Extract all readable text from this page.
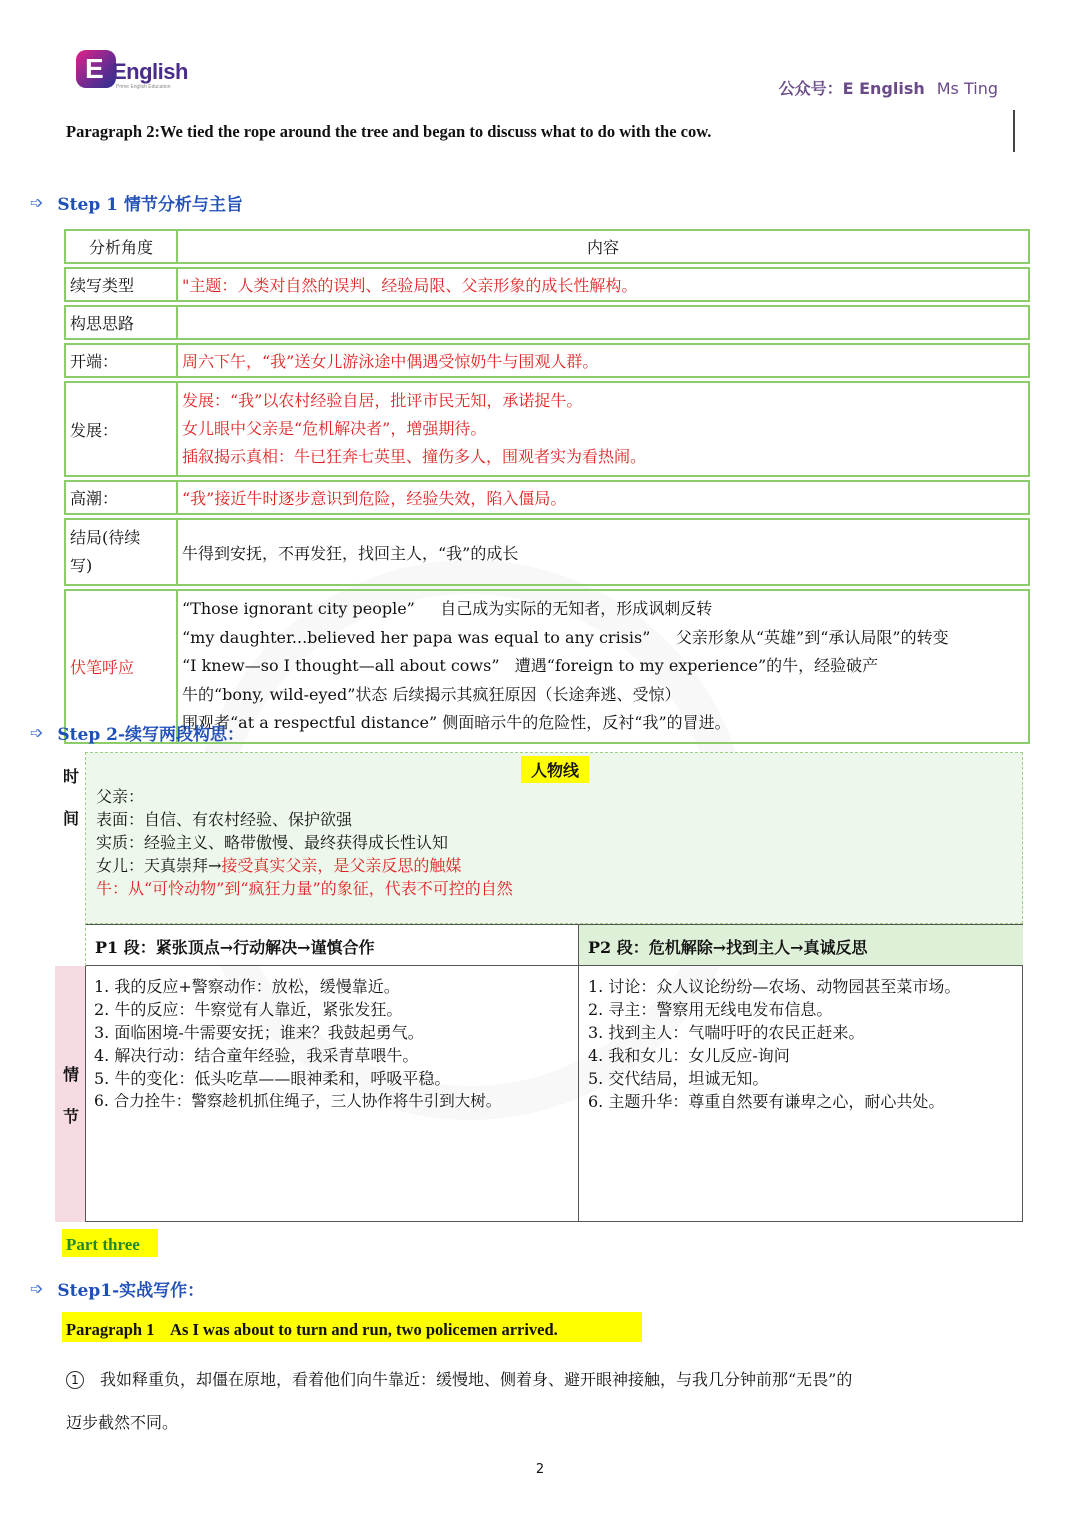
E English
Prime English Education	公众号：E English Ms Ting
Paragraph 2:We tied the rope around the tree and began to discuss what to do with the cow.
➩ Step 1 情节分析与主旨
分析角度	内容
续写类型	"主题：人类对自然的误判、经验局限、父亲形象的成长性解构。
构思思路	
开端：	周六下午，“我”送女儿游泳途中偶遇受惊奶牛与围观人群。
发展：	发展：“我”以农村经验自居，批评市民无知，承诺捉牛。
女儿眼中父亲是“危机解决者”，增强期待。
插叙揭示真相：牛已狂奔七英里、撞伤多人，围观者实为看热闹。

高潮：	“我”接近牛时逐步意识到危险，经验失效，陷入僵局。

结局(待续
写)	牛得到安抚，不再发狂，找回主人，“我”的成长
伏笔呼应	“Those ignorant city people”     自己成为实际的无知者，形成讽刺反转
“my daughter...believed her papa was equal to any crisis”     父亲形象从“英雄”到“承认局限”的转变
“I knew—so I thought—all about cows”   遭遇“foreign to my experience”的牛，经验破产
牛的“bony, wild-eyed”状态 后续揭示其疯狂原因（长途奔逃、受惊）
围观者“at a respectful distance” 侧面暗示牛的危险性，反衬“我”的冒进。
➩ Step 2-续写两段构思：
时
间
情
节
人物线
父亲：
表面：自信、有农村经验、保护欲强
实质：经验主义、略带傲慢、最终获得成长性认知
女儿：天真崇拜→接受真实父亲，是父亲反思的触媒
牛：从“可怜动物”到“疯狂力量”的象征，代表不可控的自然
P1 段：紧张顶点→行动解决→谨慎合作	P2 段：危机解除→找到主人→真诚反思
1. 我的反应+警察动作：放松，缓慢靠近。
2. 牛的反应：牛察觉有人靠近，紧张发狂。
3. 面临困境-牛需要安抚；谁来？我鼓起勇气。
4. 解决行动：结合童年经验，我采青草喂牛。
5. 牛的变化：低头吃草——眼神柔和，呼吸平稳。
6. 合力拴牛：警察趁机抓住绳子，三人协作将牛引到大树。
1. 讨论：众人议论纷纷—农场、动物园甚至菜市场。
2. 寻主：警察用无线电发布信息。
3. 找到主人：气喘吁吁的农民正赶来。
4. 我和女儿：女儿反应-询问
5. 交代结局，坦诚无知。
6. 主题升华：尊重自然要有谦卑之心，耐心共处。
Part three
➩ Step1-实战写作：
Paragraph 1    As I was about to turn and run, two policemen arrived.
1 我如释重负，却僵在原地，看着他们向牛靠近：缓慢地、侧着身、避开眼神接触，与我几分钟前那“无畏”的
迈步截然不同。
2
